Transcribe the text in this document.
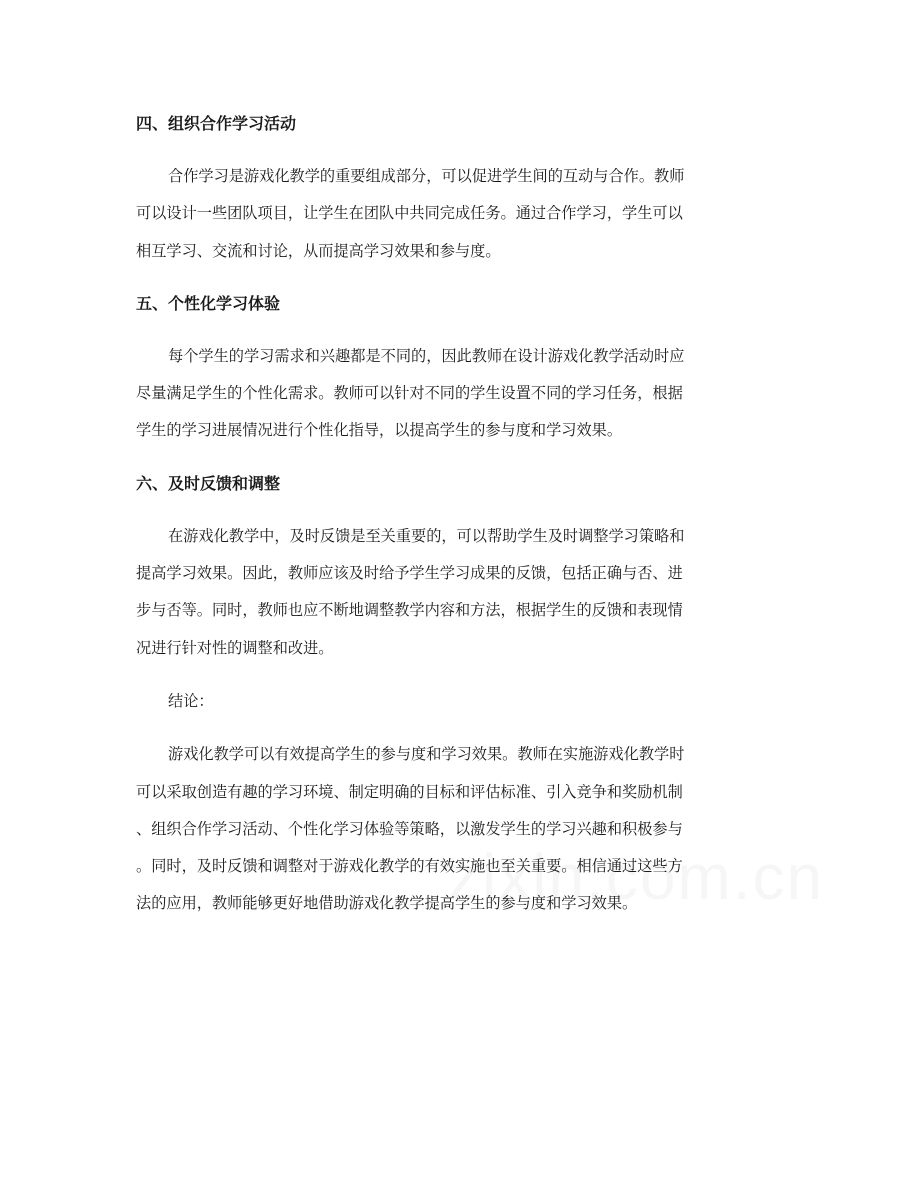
四、组织合作学习活动
合作学习是游戏化教学的重要组成部分，可以促进学生间的互动与合作。教师
可以设计一些团队项目，让学生在团队中共同完成任务。通过合作学习，学生可以
相互学习、交流和讨论，从而提高学习效果和参与度。
五、个性化学习体验
每个学生的学习需求和兴趣都是不同的，因此教师在设计游戏化教学活动时应
尽量满足学生的个性化需求。教师可以针对不同的学生设置不同的学习任务，根据
学生的学习进展情况进行个性化指导，以提高学生的参与度和学习效果。
六、及时反馈和调整
在游戏化教学中，及时反馈是至关重要的，可以帮助学生及时调整学习策略和
提高学习效果。因此，教师应该及时给予学生学习成果的反馈，包括正确与否、进
步与否等。同时，教师也应不断地调整教学内容和方法，根据学生的反馈和表现情
况进行针对性的调整和改进。
结论：
游戏化教学可以有效提高学生的参与度和学习效果。教师在实施游戏化教学时
可以采取创造有趣的学习环境、制定明确的目标和评估标准、引入竞争和奖励机制
、组织合作学习活动、个性化学习体验等策略，以激发学生的学习兴趣和积极参与
。同时，及时反馈和调整对于游戏化教学的有效实施也至关重要。相信通过这些方
法的应用，教师能够更好地借助游戏化教学提高学生的参与度和学习效果。
